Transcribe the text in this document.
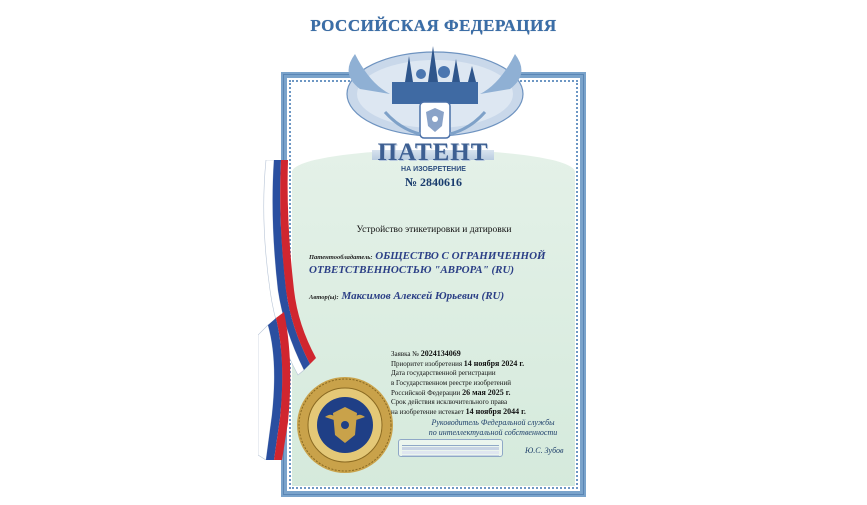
РОССИЙСКАЯ ФЕДЕРАЦИЯ
ПАТЕНТ
НА ИЗОБРЕТЕНИЕ
№ 2840616
Устройство этикетировки и датировки
Патентообладатель: ОБЩЕСТВО С ОГРАНИЧЕННОЙ
ОТВЕТСТВЕННОСТЬЮ "АВРОРА" (RU)
Автор(ы): Максимов Алексей Юрьевич (RU)
Заявка № 2024134069
Приоритет изобретения 14 ноября 2024 г.
Дата государственной регистрации
в Государственном реестре изобретений
Российской Федерации 26 мая 2025 г.
Срок действия исключительного права
на изобретение истекает 14 ноября 2044 г.
Руководитель Федеральной службы
по интеллектуальной собственности
Ю.С. Зубов
